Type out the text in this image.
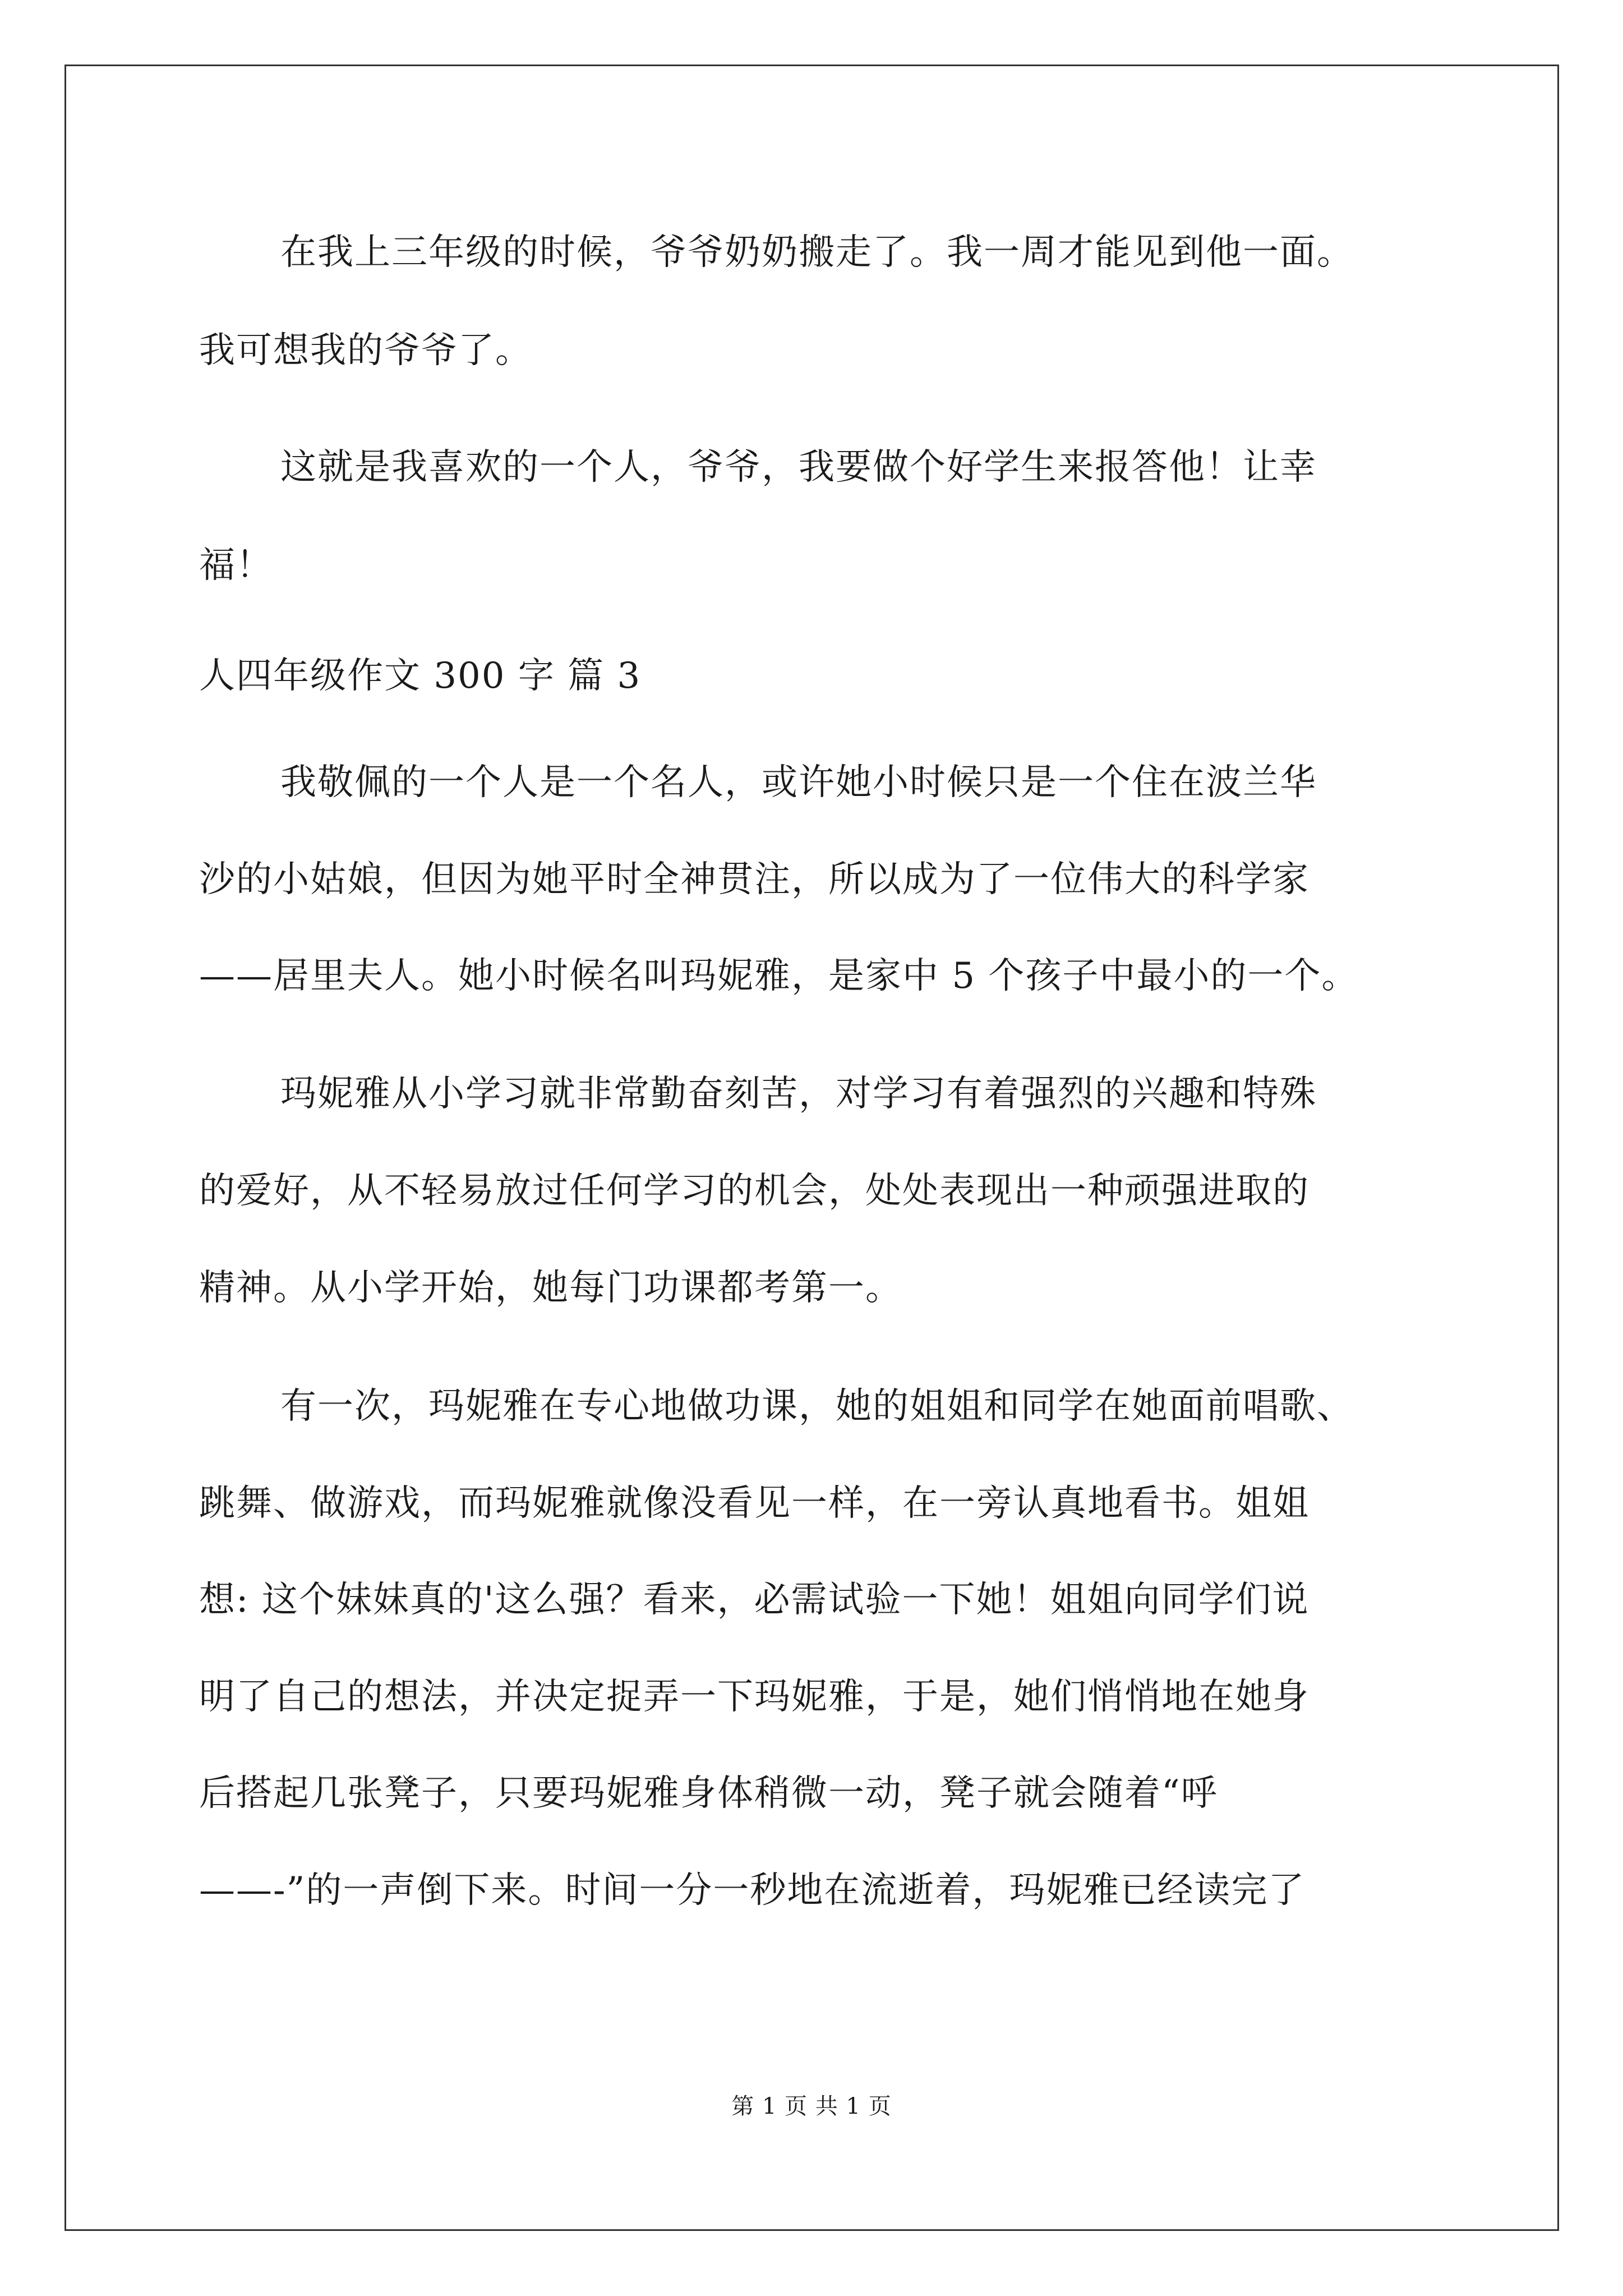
在我上三年级的时候，爷爷奶奶搬走了。我一周才能见到他一面。
我可想我的爷爷了。
这就是我喜欢的一个人，爷爷，我要做个好学生来报答他！让幸
福！
人四年级作文 300 字 篇 3
我敬佩的一个人是一个名人，或许她小时候只是一个住在波兰华
沙的小姑娘，但因为她平时全神贯注，所以成为了一位伟大的科学家
——居里夫人。她小时候名叫玛妮雅，是家中 5 个孩子中最小的一个。
玛妮雅从小学习就非常勤奋刻苦，对学习有着强烈的兴趣和特殊
的爱好，从不轻易放过任何学习的机会，处处表现出一种顽强进取的
精神。从小学开始，她每门功课都考第一。
有一次，玛妮雅在专心地做功课，她的姐姐和同学在她面前唱歌、
跳舞、做游戏，而玛妮雅就像没看见一样，在一旁认真地看书。姐姐
想: 这个妹妹真的'这么强？看来，必需试验一下她！姐姐向同学们说
明了自己的想法，并决定捉弄一下玛妮雅，于是，她们悄悄地在她身
后搭起几张凳子，只要玛妮雅身体稍微一动，凳子就会随着“呼
——-”的一声倒下来。时间一分一秒地在流逝着，玛妮雅已经读完了
第 1 页 共 1 页
